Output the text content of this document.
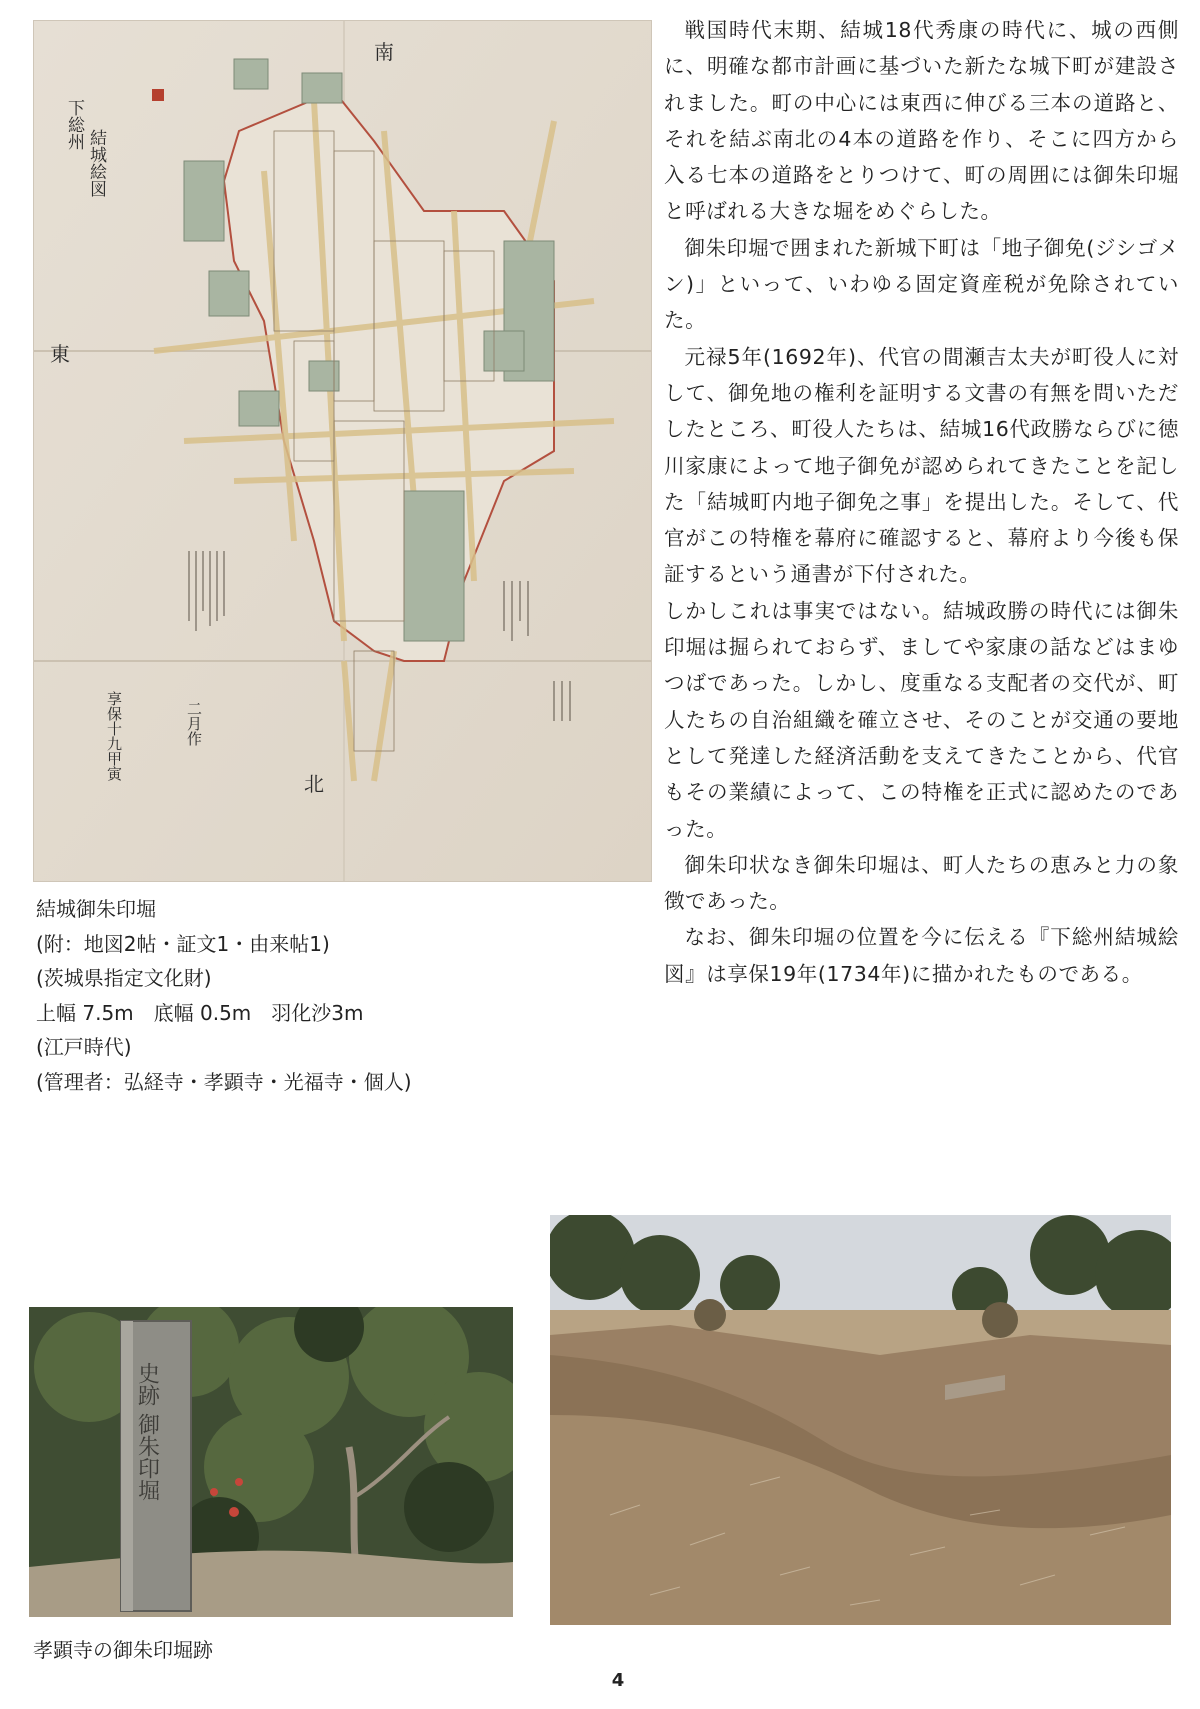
下総州
結城絵図
南
東
北
享保十九甲寅	二月作
結城御朱印堀
(附：地図2帖・証文1・由来帖1)
(茨城県指定文化財)
上幅 7.5m　底幅 0.5m　羽化沙3m
(江戸時代)
(管理者：弘経寺・孝顕寺・光福寺・個人)

戦国時代末期、結城18代秀康の時代に、城の西側に、明確な都市計画に基づいた新たな城下町が建設されました。町の中心には東西に伸びる三本の道路と、それを結ぶ南北の4本の道路を作り、そこに四方から入る七本の道路をとりつけて、町の周囲には御朱印堀と呼ばれる大きな堀をめぐらした。

御朱印堀で囲まれた新城下町は「地子御免(ジシゴメン)」といって、いわゆる固定資産税が免除されていた。

元禄5年(1692年)、代官の間瀬吉太夫が町役人に対して、御免地の権利を証明する文書の有無を問いただしたところ、町役人たちは、結城16代政勝ならびに徳川家康によって地子御免が認められてきたことを記した「結城町内地子御免之事」を提出した。そして、代官がこの特権を幕府に確認すると、幕府より今後も保証するという通書が下付された。

しかしこれは事実ではない。結城政勝の時代には御朱印堀は掘られておらず、ましてや家康の話などはまゆつばであった。しかし、度重なる支配者の交代が、町人たちの自治組織を確立させ、そのことが交通の要地として発達した経済活動を支えてきたことから、代官もその業績によって、この特権を正式に認めたのであった。

御朱印状なき御朱印堀は、町人たちの恵みと力の象徴であった。

なお、御朱印堀の位置を今に伝える『下総州結城絵図』は享保19年(1734年)に描かれたものである。

史跡 御朱印堀
孝顕寺の御朱印堀跡
4
